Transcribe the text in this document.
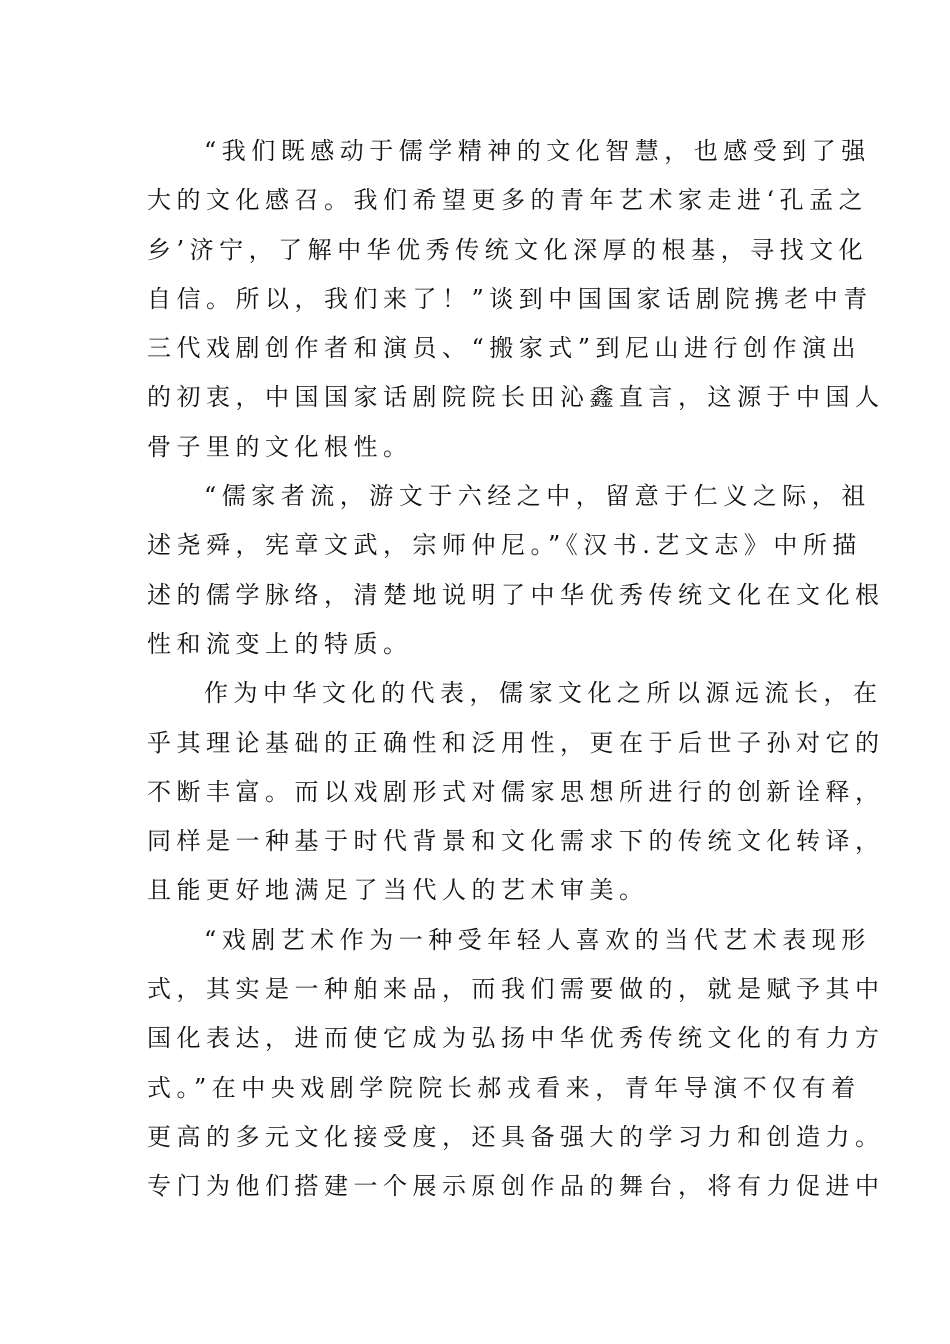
“我们既感动于儒学精神的文化智慧，也感受到了强
大的文化感召。我们希望更多的青年艺术家走进‘孔孟之
乡’济宁，了解中华优秀传统文化深厚的根基，寻找文化
自信。所以，我们来了！”谈到中国国家话剧院携老中青
三代戏剧创作者和演员、“搬家式”到尼山进行创作演出
的初衷，中国国家话剧院院长田沁鑫直言，这源于中国人
骨子里的文化根性。
“儒家者流，游文于六经之中，留意于仁义之际，祖
述尧舜，宪章文武，宗师仲尼。”《汉书.艺文志》中所描
述的儒学脉络，清楚地说明了中华优秀传统文化在文化根
性和流变上的特质。
作为中华文化的代表，儒家文化之所以源远流长，在
乎其理论基础的正确性和泛用性，更在于后世子孙对它的
不断丰富。而以戏剧形式对儒家思想所进行的创新诠释，
同样是一种基于时代背景和文化需求下的传统文化转译，
且能更好地满足了当代人的艺术审美。
“戏剧艺术作为一种受年轻人喜欢的当代艺术表现形
式，其实是一种舶来品，而我们需要做的，就是赋予其中
国化表达，进而使它成为弘扬中华优秀传统文化的有力方
式。”在中央戏剧学院院长郝戎看来，青年导演不仅有着
更高的多元文化接受度，还具备强大的学习力和创造力。
专门为他们搭建一个展示原创作品的舞台，将有力促进中
